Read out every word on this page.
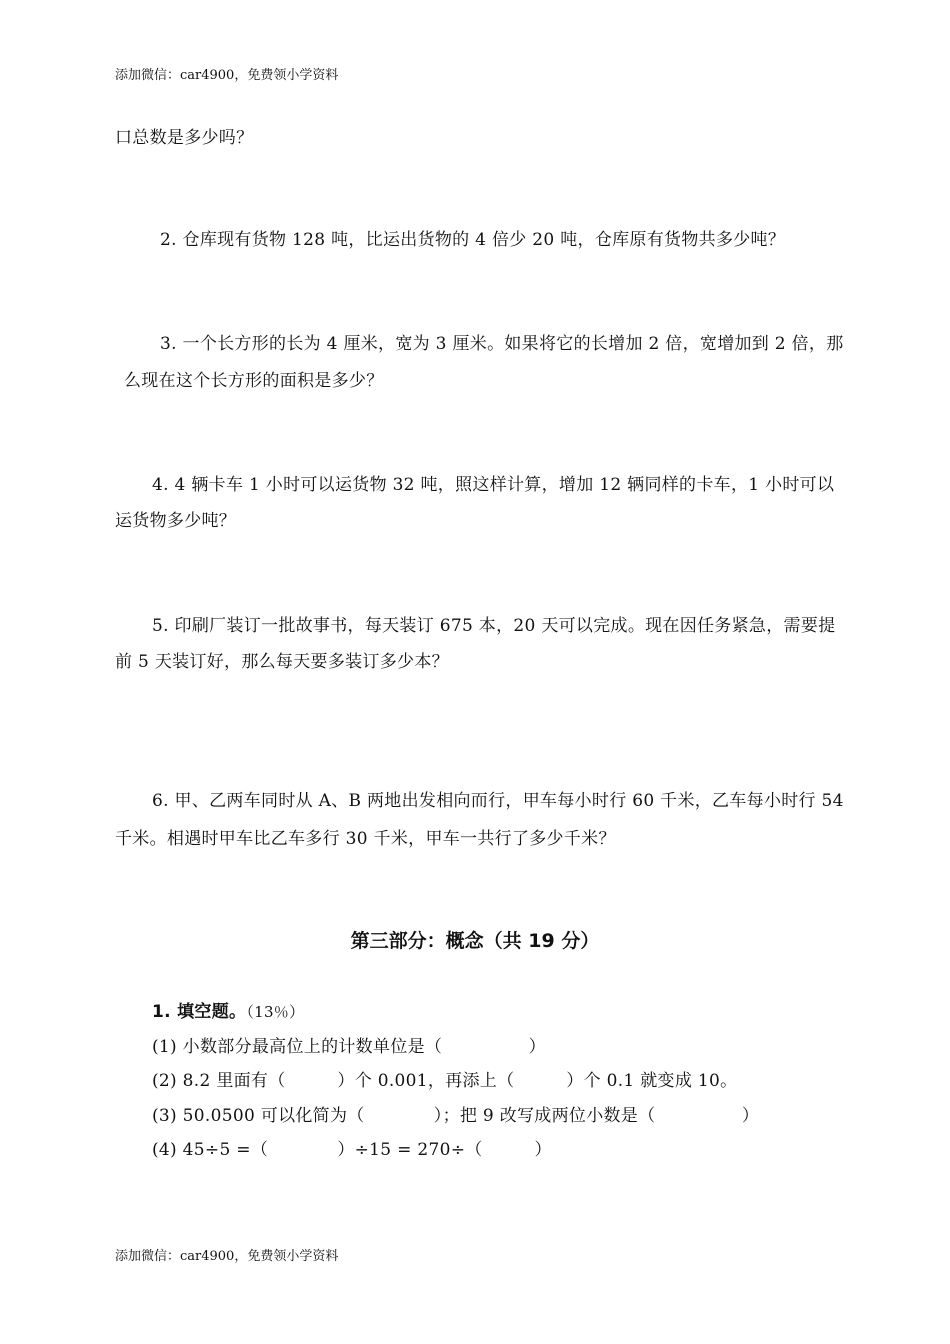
添加微信：car4900，免费领小学资料
口总数是多少吗？
2. 仓库现有货物 128 吨，比运出货物的 4 倍少 20 吨，仓库原有货物共多少吨？
3. 一个长方形的长为 4 厘米，宽为 3 厘米。如果将它的长增加 2 倍，宽增加到 2 倍，那
么现在这个长方形的面积是多少？
4. 4 辆卡车 1 小时可以运货物 32 吨，照这样计算，增加 12 辆同样的卡车，1 小时可以
运货物多少吨？
5. 印刷厂装订一批故事书，每天装订 675 本，20 天可以完成。现在因任务紧急，需要提
前 5 天装订好，那么每天要多装订多少本？
6. 甲、乙两车同时从 A、B 两地出发相向而行，甲车每小时行 60 千米，乙车每小时行 54
千米。相遇时甲车比乙车多行 30 千米，甲车一共行了多少千米？
第三部分：概念（共 19 分）
1. 填空题。（13％）
(1) 小数部分最高位上的计数单位是（　　　　　）
(2) 8.2 里面有（　　　）个 0.001，再添上（　　　）个 0.1 就变成 10。
(3) 50.0500 可以化简为（　　　　）；把 9 改写成两位小数是（　　　　　）
(4) 45÷5 =（　　　　）÷15 = 270÷（　　　）
添加微信：car4900，免费领小学资料
